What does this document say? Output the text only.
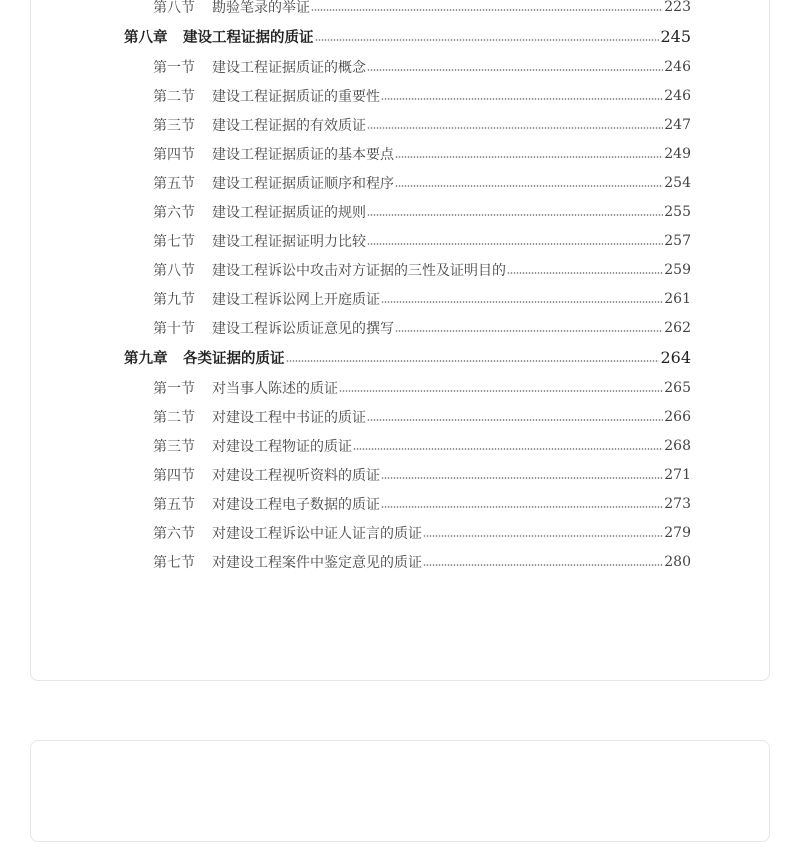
第八节	勘验笔录的举证	223
第八章	建设工程证据的质证	245
第一节	建设工程证据质证的概念	246
第二节	建设工程证据质证的重要性	246
第三节	建设工程证据的有效质证	247
第四节	建设工程证据质证的基本要点	249
第五节	建设工程证据质证顺序和程序	254
第六节	建设工程证据质证的规则	255
第七节	建设工程证据证明力比较	257
第八节	建设工程诉讼中攻击对方证据的三性及证明目的	259
第九节	建设工程诉讼网上开庭质证	261
第十节	建设工程诉讼质证意见的撰写	262
第九章	各类证据的质证	264
第一节	对当事人陈述的质证	265
第二节	对建设工程中书证的质证	266
第三节	对建设工程物证的质证	268
第四节	对建设工程视听资料的质证	271
第五节	对建设工程电子数据的质证	273
第六节	对建设工程诉讼中证人证言的质证	279
第七节	对建设工程案件中鉴定意见的质证	280
